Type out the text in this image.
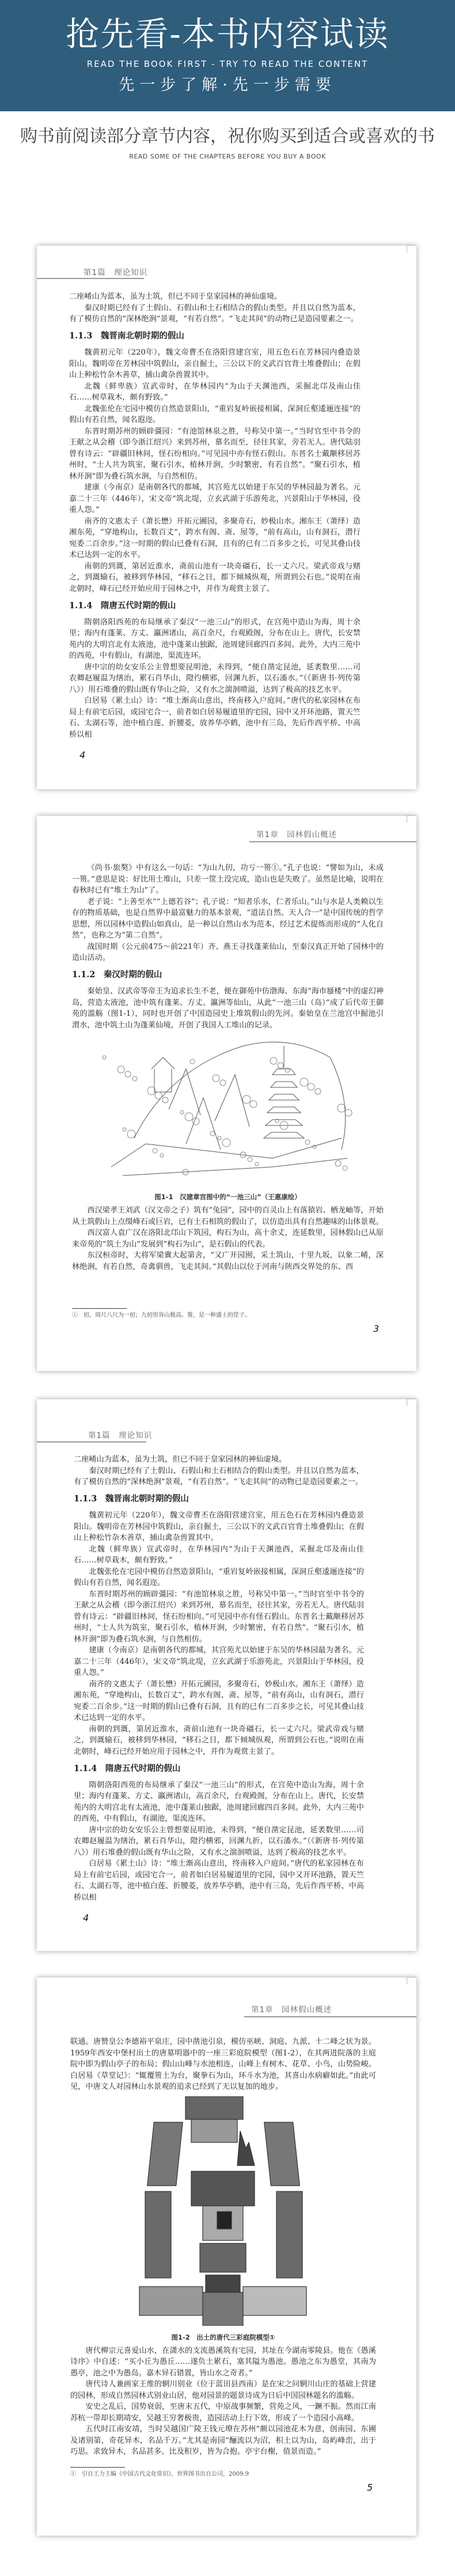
抢先看-本书内容试读
READ THE BOOK FIRST - TRY TO READ THE CONTENT
先一步了解·先一步需要
购书前阅读部分章节内容，祝你购买到适合或喜欢的书
READ SOME OF THE CHAPTERS BEFORE YOU BUY A BOOK
第1篇　理论知识

二座崤山为蓝本，虽为土筑，但已不同于皇家园林的神仙虚境。

秦汉时期已经有了土假山、石假山和土石相结合的假山类型。并且以自然为蓝本，有了模仿自然的“深林绝涧”景观，“有若自然”。“飞走其间”的动物已是造园要素之一。

1.1.3　魏晋南北朝时期的假山

魏黄初元年（220年），魏文帝曹丕在洛阳营建宫室，用五色石在芳林园内叠造景阳山。魏明帝在芳林园中筑假山，亲自掘土，三公以下的文武百官背土堆叠假山；在假山上种松竹杂木善草，捕山禽杂兽置其中。

北魏（鲜卑族）宣武帝时，在华林园内“为山于天渊池西，采掘北邙及南山佳石……树草栽木，颇有野致。”

北魏张伦在宅园中模仿自然造景阳山，“重岩复岭嵌接相属，深洞丘壑逶逦连接”的假山有若自然，闻名遐迩。

东晋时期苏州的顾辟彊园：“有池馆林泉之胜，号称吴中第一。”当时官至中书令的王献之从会稽（即今浙江绍兴）来到苏州，慕名而至，径往其家，旁若无人。唐代陆羽曾有诗云：“辟疆旧林间，怪石纷相向。”可见园中亦有怪石假山。东晋名士戴颙移居苏州时，“士人共为筑室，聚石引水，植林开涧，少时繁密，有若自然”。“聚石引水，植林开涧”即为叠石筑水涧，与自然相仿。

建康（今南京）是南朝各代的都城，其宫苑尤以始建于东吴的华林园最为著名。元嘉二十三年（446年），宋文帝“筑北堤，立玄武湖于乐游苑北，兴景阳山于华林园，役重人怨。”

南齐的文惠太子（萧长懋）开拓元圃园，多聚奇石，妙极山水。湘东王（萧绎）造湘东苑，“穿地构山，长数百丈”，跨水有阁、斋、屋等，“前有高山，山有洞石，潜行宛委二百余步。”这一时期的假山已叠有石洞，且有的已有二百多步之长，可见其叠山技术已达到一定的水平。

南朝的到溉，第居近淮水，斋前山池有一块奇礓石，长一丈六尺。梁武帝戏与赌之，到溉输石，被移到华林园，“移石之日，都下倾城纵观，所谓到公石也。”说明在南北朝时，峰石已经开始应用于园林之中，并作为观赏主景了。

1.1.4　隋唐五代时期的假山

隋朝洛阳西苑的布局继承了秦汉“一池三山”的形式，在宫苑中造山为海，周十余里；海内有蓬莱、方丈、瀛洲诸山，高百余尺，台观殿阁，分布在山上。唐代，长安禁苑内的大明宫北有太液池，池中蓬莱山独踞，池周建回廊四百多间。此外，大内三苑中的西苑，中有假山，有湖池，渠流连环。

唐中宗的幼女安乐公主曾想要昆明池，未得到，“便自凿定昆池，延袤数里……司农卿赵履温为缮治，累石肖华山，隥彴横邪，回渊九折，以石滀水。”（《新唐书·列传第八》）用石堆叠的假山既有华山之险，又有水之湍洄喷溢，达到了极高的技艺水平。

白居易《累土山》诗：“堆土渐高山意出，终南移入户庭间。”唐代的私家园林在布局上有前宅后园，或园宅合一，前者如白居易履道里的宅园，园中又开环池路，置天竺石、太湖石等，池中植白莲、折腰菱，放养华亭鹤，池中有三岛，先后作西平桥、中高桥以相

4
第1章　园林假山概述

《尚书·旅獒》中有这么一句话：“为山九仞，功亏一篑①。”孔子也说：“譬如为山，未成一篑。”意思是说：好比用土堆山，只差一筐土没完成，造山也是失败了。虽然是比喻，说明在春秋时已有“堆土为山”了。

老子说：“上善至水”“上德若谷”；孔子说：“知者乐水，仁者乐山。”山与水是人类赖以生存的物质基础，也是自然界中最富魅力的基本景观，“道法自然、天人合一”是中国传统的哲学思想，所以园林中造假山如真山，是一种以自然山水为范本，经过艺术提炼而形成的“人化自然”，也称之为“第二自然”。

战国时期（公元前475～前221年）齐、燕王寻找蓬莱仙山，至秦汉真正开始了园林中的造山活动。

1.1.2　秦汉时期的假山

秦始皇、汉武帝等帝王为追求长生不老，便在御苑中仿渤海、东海“海市蜃楼”中的虚幻神岛，营造太液池，池中筑有蓬莱、方丈、瀛洲等仙山，从此“一池三山（岛）”成了后代帝王御苑的滥觞（图1-1），同时也开创了中国造园史上堆筑假山的先河。秦始皇在兰池宫中掘池引渭水，池中筑土山为蓬莱仙境，开创了我国人工堆山的记录。

图1-1　汉建章宫图中的“一池三山”（王惠康绘）

西汉梁孝王刘武（汉文帝之子）筑有“兔园”，园中的百灵山上有落猿岩、栖龙岫等，开始从土筑假山上点缀峰石或巨岩，已有土石相筑的假山了，以仿造出具有自然趣味的山体景观。

西汉富人袁广汉在洛阳北邙山下筑园，构石为山，高十余丈，连延数里，园林假山已从原来帝苑的“筑土为山”发展到“构石为山”，是石假山的代表。

东汉桓帝时，大将军梁冀大起第舍，“又广开园囿，采土筑山，十里九坂，以象二崤，深林绝涧，有若自然，奇禽驯兽，飞走其间。”其假山以位于河南与陕西交界处的东、西

①　仞，周尺八尺为一仞；九仞形容山极高。篑，是一种盛土的筐子。
3
第1篇　理论知识

二座崤山为蓝本，虽为土筑，但已不同于皇家园林的神仙虚境。

秦汉时期已经有了土假山、石假山和土石相结合的假山类型。并且以自然为蓝本，有了模仿自然的“深林绝涧”景观，“有若自然”。“飞走其间”的动物已是造园要素之一。

1.1.3　魏晋南北朝时期的假山

魏黄初元年（220年），魏文帝曹丕在洛阳营建宫室，用五色石在芳林园内叠造景阳山。魏明帝在芳林园中筑假山，亲自掘土，三公以下的文武百官背土堆叠假山；在假山上种松竹杂木善草，捕山禽杂兽置其中。

北魏（鲜卑族）宣武帝时，在华林园内“为山于天渊池西，采掘北邙及南山佳石……树草栽木，颇有野致。”

北魏张伦在宅园中模仿自然造景阳山，“重岩复岭嵌接相属，深洞丘壑逶逦连接”的假山有若自然，闻名遐迩。

东晋时期苏州的顾辟彊园：“有池馆林泉之胜，号称吴中第一。”当时官至中书令的王献之从会稽（即今浙江绍兴）来到苏州，慕名而至，径往其家，旁若无人。唐代陆羽曾有诗云：“辟疆旧林间，怪石纷相向。”可见园中亦有怪石假山。东晋名士戴颙移居苏州时，“士人共为筑室，聚石引水，植林开涧，少时繁密，有若自然”。“聚石引水，植林开涧”即为叠石筑水涧，与自然相仿。

建康（今南京）是南朝各代的都城，其宫苑尤以始建于东吴的华林园最为著名。元嘉二十三年（446年），宋文帝“筑北堤，立玄武湖于乐游苑北，兴景阳山于华林园，役重人怨。”

南齐的文惠太子（萧长懋）开拓元圃园，多聚奇石，妙极山水。湘东王（萧绎）造湘东苑，“穿地构山，长数百丈”，跨水有阁、斋、屋等，“前有高山，山有洞石，潜行宛委二百余步。”这一时期的假山已叠有石洞，且有的已有二百多步之长，可见其叠山技术已达到一定的水平。

南朝的到溉，第居近淮水，斋前山池有一块奇礓石，长一丈六尺。梁武帝戏与赌之，到溉输石，被移到华林园，“移石之日，都下倾城纵观，所谓到公石也。”说明在南北朝时，峰石已经开始应用于园林之中，并作为观赏主景了。

1.1.4　隋唐五代时期的假山

隋朝洛阳西苑的布局继承了秦汉“一池三山”的形式，在宫苑中造山为海，周十余里；海内有蓬莱、方丈、瀛洲诸山，高百余尺，台观殿阁，分布在山上。唐代，长安禁苑内的大明宫北有太液池，池中蓬莱山独踞，池周建回廊四百多间。此外，大内三苑中的西苑，中有假山，有湖池，渠流连环。

唐中宗的幼女安乐公主曾想要昆明池，未得到，“便自凿定昆池，延袤数里……司农卿赵履温为缮治，累石肖华山，隥彴横邪，回渊九折，以石滀水。”（《新唐书·列传第八》）用石堆叠的假山既有华山之险，又有水之湍洄喷溢，达到了极高的技艺水平。

白居易《累土山》诗：“堆土渐高山意出，终南移入户庭间。”唐代的私家园林在布局上有前宅后园，或园宅合一，前者如白居易履道里的宅园，园中又开环池路，置天竺石、太湖石等，池中植白莲、折腰菱，放养华亭鹤，池中有三岛，先后作西平桥、中高桥以相

4
第1章　园林假山概述

联通。唐赞皇公李德裕平泉庄，园中凿池引泉，模仿巫峡、洞庭、九派、十二峰之状为景。1959年西安中堡村出土的唐墓明器中的一座三彩庭院模型（图1-2），在其两进院落的主庭院中即为假山亭子的布局；假山山峰与水池相连，山峰上有树木、花草、小鸟，山势险峻。白居易《草堂记》：“辄覆篑土为台，聚拳石为山，环斗水为池，其喜山水病癖如此。”由此可见，中唐文人对园林山水景观的追求已经到了无以复加的地步。

图1-2　出土的唐代三彩庭院模型①

唐代柳宗元喜爱山水，在潇水的支流愚溪筑有宅园，其址在今湖南零陵县。他在《愚溪诗序》中自述：“买小丘为愚丘……遂负土累石，塞其隘为愚池。愚池之东为愚堂，其南为愚亭，池之中为愚岛。嘉木异石错置，皆山水之奇者。”

唐代诗人兼画家王维的辋川别业（位于蓝田县西南）是在宋之问辋川山庄的基础上营建的园林，形成自然园林式别业山居，他对园景的题景诗成为日后中国园林题名的滥觞。

安史之乱后，国势衰弱，至唐末五代，中原战事频繁，营苑之风，一蹶不振。然而江南苏杭一带却长期靖安，吴越王穷奢极贵，造园活动上行下效，形成了一个造园小高峰。

五代时江南安靖，当时吴越国广陵王钱元璙在苏州“颇以园池花木为意，创南园、东圃及诸别第，奇花异木，名品千万。”尤其是南园“酾流以为沼，积土以为山，岛屿峰峦，出于巧思。求致异木，名品甚多。比及积岁，皆为合抱。亭宇台榭，值景而造。”

①　引自王力主编《中国古代文化常识》，世界图书出自公司，2009.9
5
